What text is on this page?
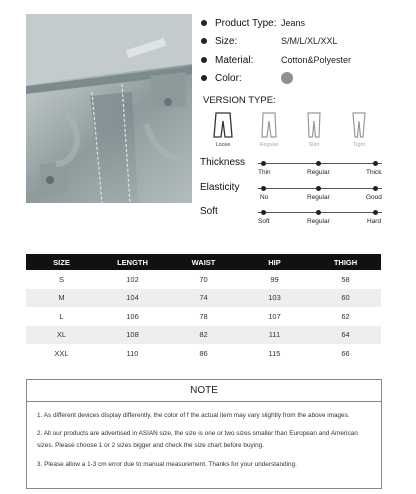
Product Type: Jeans
Size:	S/M/L/XL/XXL
Material:	Cotton&Polyester
Color:
VERSION TYPE:
Loose	Regular	Slim	Tight
Thickness
Thin	Regular	Thick
Elasticity
No	Regular	Good
Soft
Soft	Regular	Hard
SIZE	LENGTH	WAIST	HIP	THIGH
S	102	70	99	58
M	104	74	103	60
L	106	78	107	62
XL	108	82	111	64
XXL	110	86	115	66
NOTE

1. As different devices display differently, the color of f the actual item may vary slightly from the above images.

2. All our products are advertised in ASIAN size, the size is one or two sizes smaller than European and American sizes. Please choose 1 or 2 sizes bigger and check the size chart before buying.

3. Please allow a 1-3 cm error due to manual measurement. Thanks for your understanding.
